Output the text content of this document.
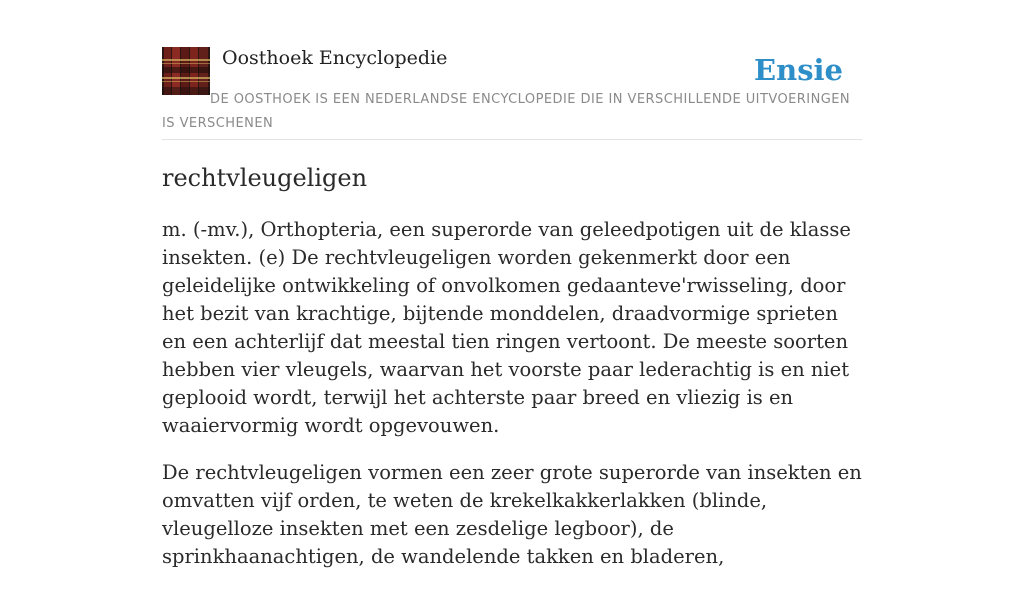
Oosthoek Encyclopedie	Ensie
DE OOSTHOEK IS EEN NEDERLANDSE ENCYCLOPEDIE DIE IN VERSCHILLENDE UITVOERINGEN IS VERSCHENEN
rechtvleugeligen

m. (-mv.), Orthopteria, een superorde van geleedpotigen uit de klasse insekten. (e) De rechtvleugeligen worden gekenmerkt door een geleidelijke ontwikkeling of onvolkomen gedaanteve'rwisseling, door het bezit van krachtige, bijtende monddelen, draadvormige sprieten en een achterlijf dat meestal tien ringen vertoont. De meeste soorten hebben vier vleugels, waarvan het voorste paar lederachtig is en niet geplooid wordt, terwijl het achterste paar breed en vliezig is en waaiervormig wordt opgevouwen.

De rechtvleugeligen vormen een zeer grote superorde van insekten en omvatten vijf orden, te weten de krekelkakkerlakken (blinde, vleugelloze insekten met een zesdelige legboor), de sprinkhaanachtigen, de wandelende takken en bladeren,
